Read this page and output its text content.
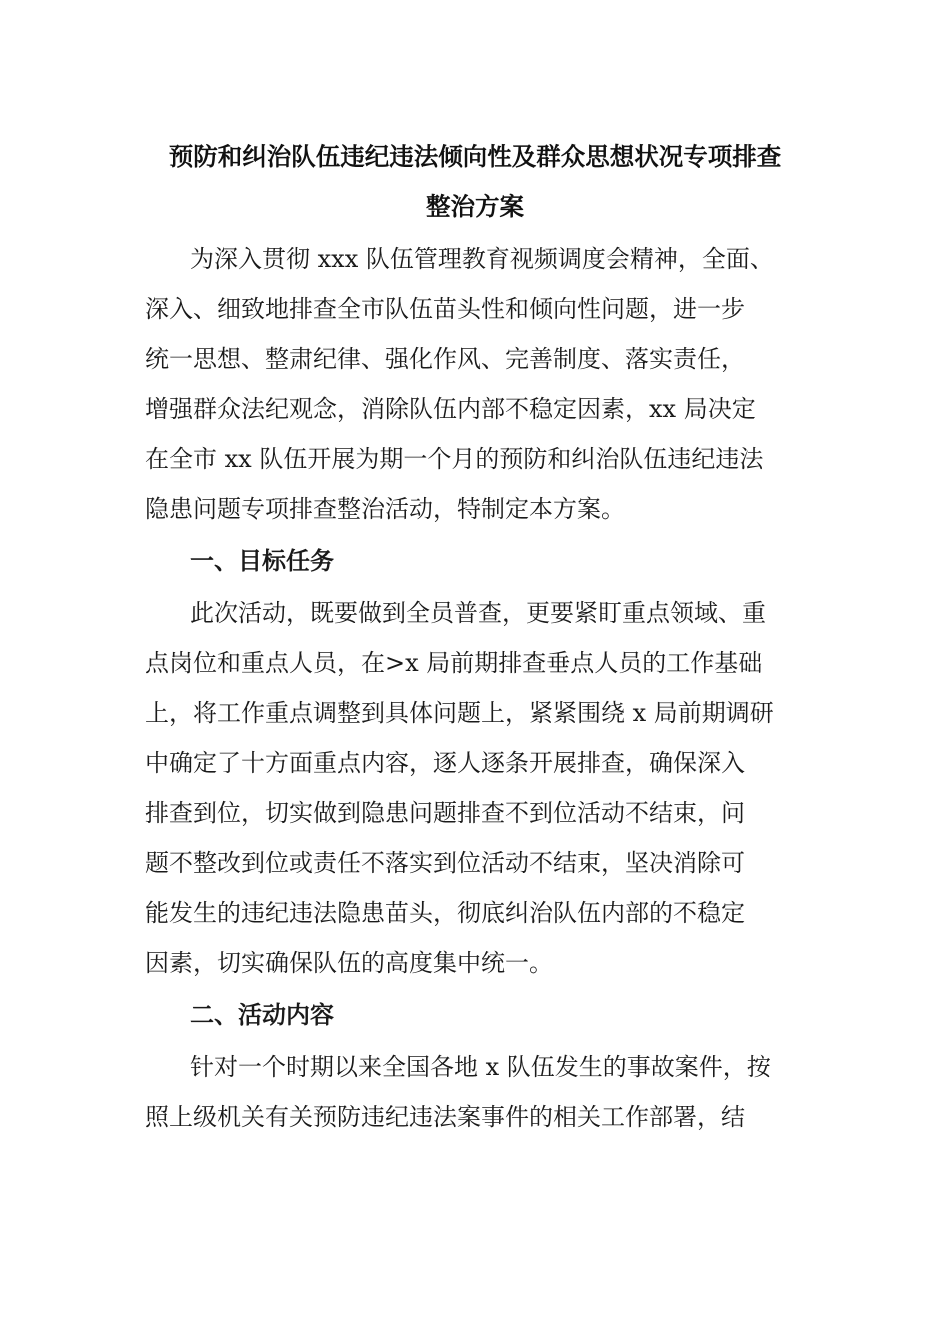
预防和纠治队伍违纪违法倾向性及群众思想状况专项排查
整治方案

为深入贯彻 xxx 队伍管理教育视频调度会精神，全面、

深入、细致地排查全市队伍苗头性和倾向性问题，进一步

统一思想、整肃纪律、强化作风、完善制度、落实责任，

增强群众法纪观念，消除队伍内部不稳定因素，xx 局决定

在全市 xx 队伍开展为期一个月的预防和纠治队伍违纪违法

隐患问题专项排查整治活动，特制定本方案。

一、目标任务

此次活动，既要做到全员普查，更要紧盯重点领域、重

点岗位和重点人员，在>x 局前期排查垂点人员的工作基础

上，将工作重点调整到具体问题上，紧紧围绕 x 局前期调研

中确定了十方面重点内容，逐人逐条开展排查，确保深入

排查到位，切实做到隐患问题排查不到位活动不结束，问

题不整改到位或责任不落实到位活动不结束，坚决消除可

能发生的违纪违法隐患苗头，彻底纠治队伍内部的不稳定

因素，切实确保队伍的高度集中统一。

二、活动内容

针对一个时期以来全国各地 x 队伍发生的事故案件，按

照上级机关有关预防违纪违法案事件的相关工作部署，结
